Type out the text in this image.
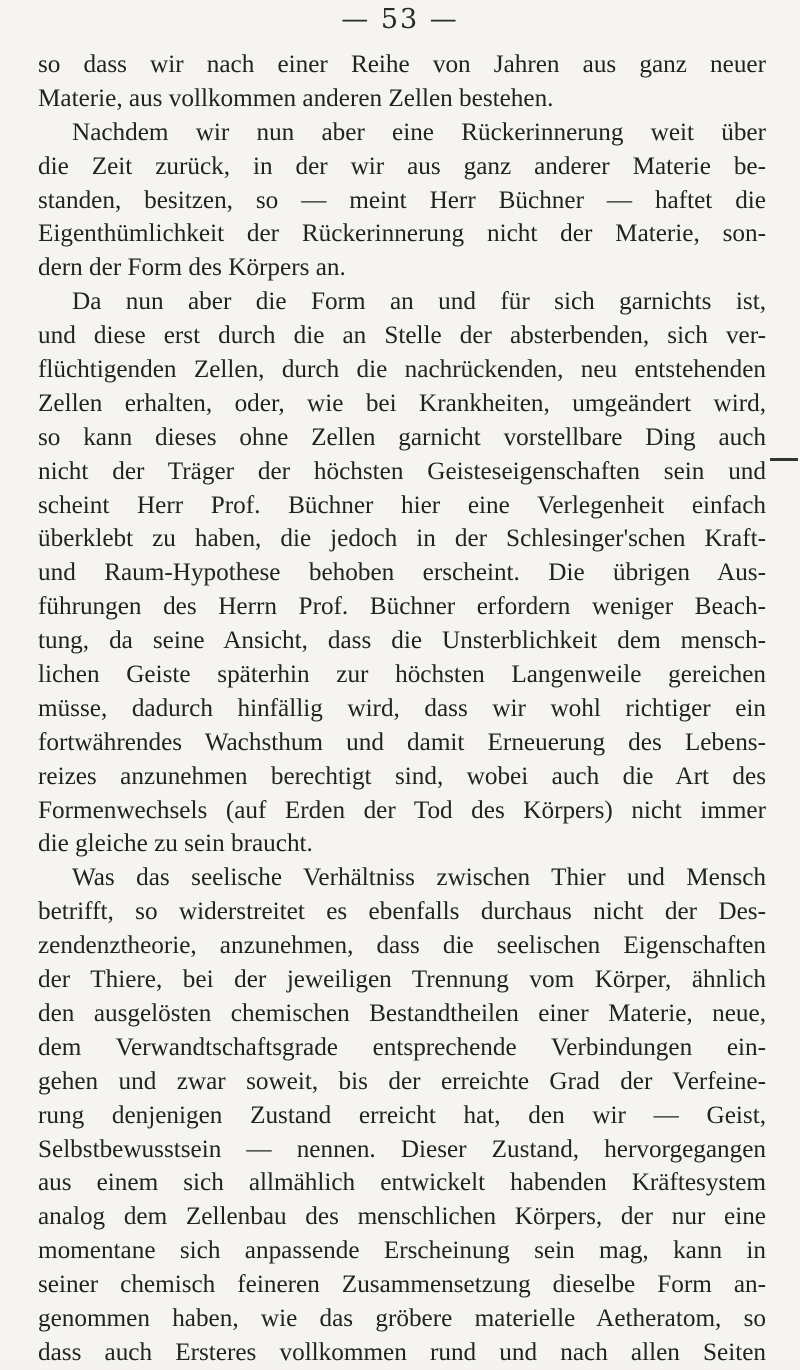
— 53 —
so dass wir nach einer Reihe von Jahren aus ganz neuer
Materie, aus vollkommen anderen Zellen bestehen.
Nachdem wir nun aber eine Rückerinnerung weit über
die Zeit zurück, in der wir aus ganz anderer Materie be-
standen, besitzen, so — meint Herr Büchner — haftet die
Eigenthümlichkeit der Rückerinnerung nicht der Materie, son-
dern der Form des Körpers an.
Da nun aber die Form an und für sich garnichts ist,
und diese erst durch die an Stelle der absterbenden, sich ver-
flüchtigenden Zellen, durch die nachrückenden, neu entstehenden
Zellen erhalten, oder, wie bei Krankheiten, umgeändert wird,
so kann dieses ohne Zellen garnicht vorstellbare Ding auch
nicht der Träger der höchsten Geisteseigenschaften sein und
scheint Herr Prof. Büchner hier eine Verlegenheit einfach
überklebt zu haben, die jedoch in der Schlesinger'schen Kraft-
und Raum-Hypothese behoben erscheint. Die übrigen Aus-
führungen des Herrn Prof. Büchner erfordern weniger Beach-
tung, da seine Ansicht, dass die Unsterblichkeit dem mensch-
lichen Geiste späterhin zur höchsten Langenweile gereichen
müsse, dadurch hinfällig wird, dass wir wohl richtiger ein
fortwährendes Wachsthum und damit Erneuerung des Lebens-
reizes anzunehmen berechtigt sind, wobei auch die Art des
Formenwechsels (auf Erden der Tod des Körpers) nicht immer
die gleiche zu sein braucht.
Was das seelische Verhältniss zwischen Thier und Mensch
betrifft, so widerstreitet es ebenfalls durchaus nicht der Des-
zendenztheorie, anzunehmen, dass die seelischen Eigenschaften
der Thiere, bei der jeweiligen Trennung vom Körper, ähnlich
den ausgelösten chemischen Bestandtheilen einer Materie, neue,
dem Verwandtschaftsgrade entsprechende Verbindungen ein-
gehen und zwar soweit, bis der erreichte Grad der Verfeine-
rung denjenigen Zustand erreicht hat, den wir — Geist,
Selbstbewusstsein — nennen. Dieser Zustand, hervorgegangen
aus einem sich allmählich entwickelt habenden Kräftesystem
analog dem Zellenbau des menschlichen Körpers, der nur eine
momentane sich anpassende Erscheinung sein mag, kann in
seiner chemisch feineren Zusammensetzung dieselbe Form an-
genommen haben, wie das gröbere materielle Aetheratom, so
dass auch Ersteres vollkommen rund und nach allen Seiten
